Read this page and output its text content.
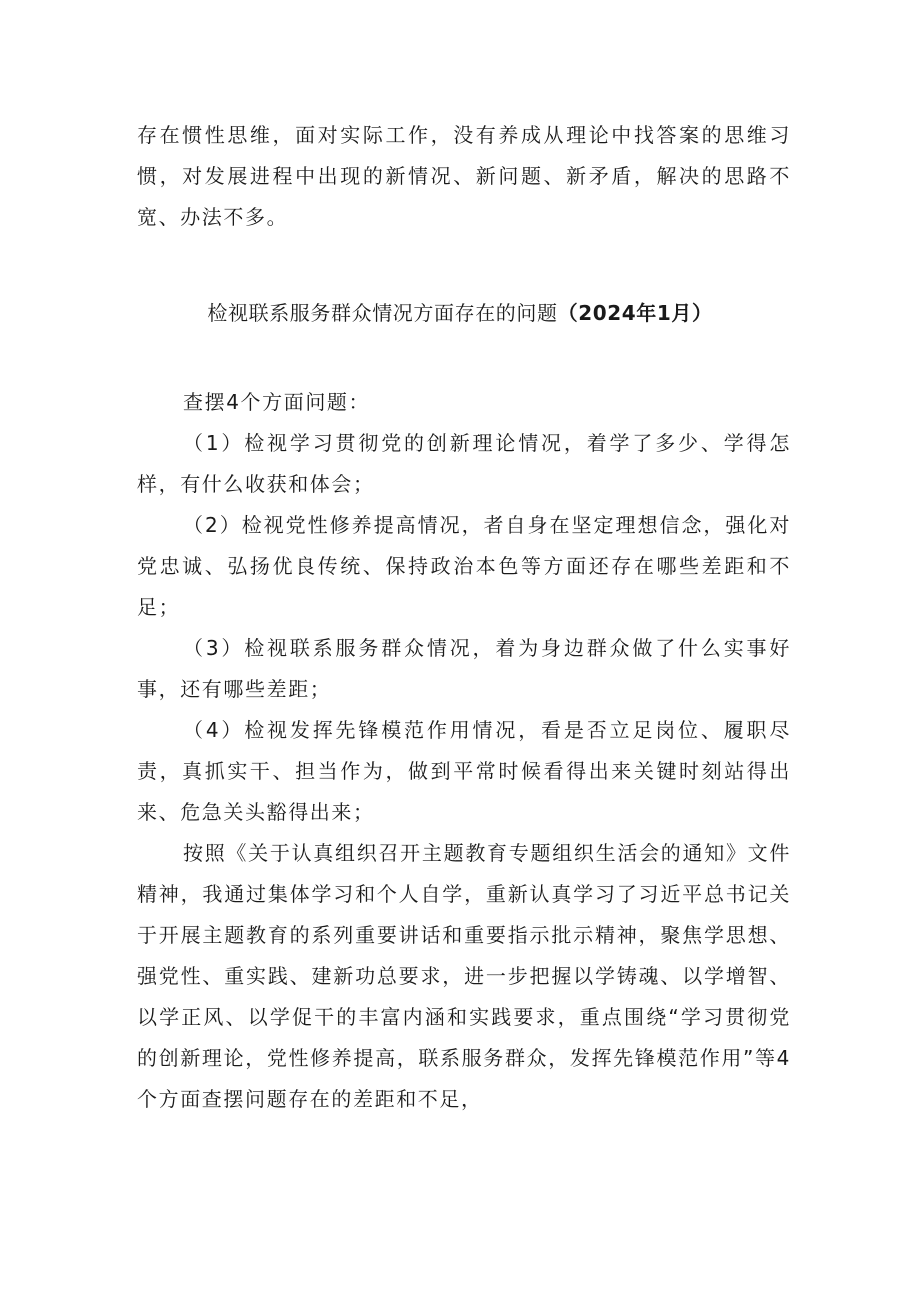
存在惯性思维，面对实际工作，没有养成从理论中找答案的思维习惯，对发展进程中出现的新情况、新问题、新矛盾，解决的思路不宽、办法不多。

检视联系服务群众情况方面存在的问题（2024年1月）

查摆4个方面问题：

（1）检视学习贯彻党的创新理论情况，着学了多少、学得怎样，有什么收获和体会；

（2）检视党性修养提高情况，者自身在坚定理想信念，强化对党忠诚、弘扬优良传统、保持政治本色等方面还存在哪些差距和不足；

（3）检视联系服务群众情况，着为身边群众做了什么实事好事，还有哪些差距；

（4）检视发挥先锋模范作用情况，看是否立足岗位、履职尽责，真抓实干、担当作为，做到平常时候看得出来关键时刻站得出来、危急关头豁得出来；

按照《关于认真组织召开主题教育专题组织生活会的通知》文件精神，我通过集体学习和个人自学，重新认真学习了习近平总书记关于开展主题教育的系列重要讲话和重要指示批示精神，聚焦学思想、强党性、重实践、建新功总要求，进一步把握以学铸魂、以学增智、以学正风、以学促干的丰富内涵和实践要求，重点围绕“学习贯彻党的创新理论，党性修养提高，联系服务群众，发挥先锋模范作用”等4个方面查摆问题存在的差距和不足，
